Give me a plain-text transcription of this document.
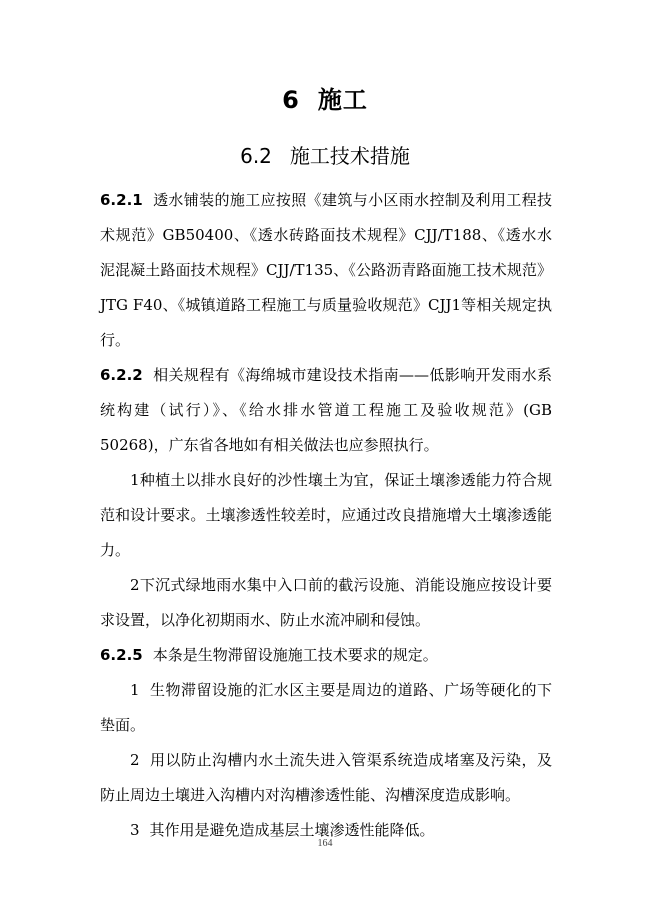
6 施工
6.2 施工技术措施

6.2.1 透水铺装的施工应按照《建筑与小区雨水控制及利用工程技术规范》GB50400、《透水砖路面技术规程》CJJ/T188、《透水水泥混凝土路面技术规程》CJJ/T135、《公路沥青路面施工技术规范》JTG F40、《城镇道路工程施工与质量验收规范》CJJ1等相关规定执行。

6.2.2 相关规程有《海绵城市建设技术指南——低影响开发雨水系统构建（试行）》、《给水排水管道工程施工及验收规范》(GB 50268)，广东省各地如有相关做法也应参照执行。

1种植土以排水良好的沙性壤土为宜，保证土壤渗透能力符合规范和设计要求。土壤渗透性较差时，应通过改良措施增大土壤渗透能力。

2下沉式绿地雨水集中入口前的截污设施、消能设施应按设计要求设置，以净化初期雨水、防止水流冲刷和侵蚀。

6.2.5 本条是生物滞留设施施工技术要求的规定。

1 生物滞留设施的汇水区主要是周边的道路、广场等硬化的下垫面。

2 用以防止沟槽内水土流失进入管渠系统造成堵塞及污染，及防止周边土壤进入沟槽内对沟槽渗透性能、沟槽深度造成影响。

3 其作用是避免造成基层土壤渗透性能降低。

164
